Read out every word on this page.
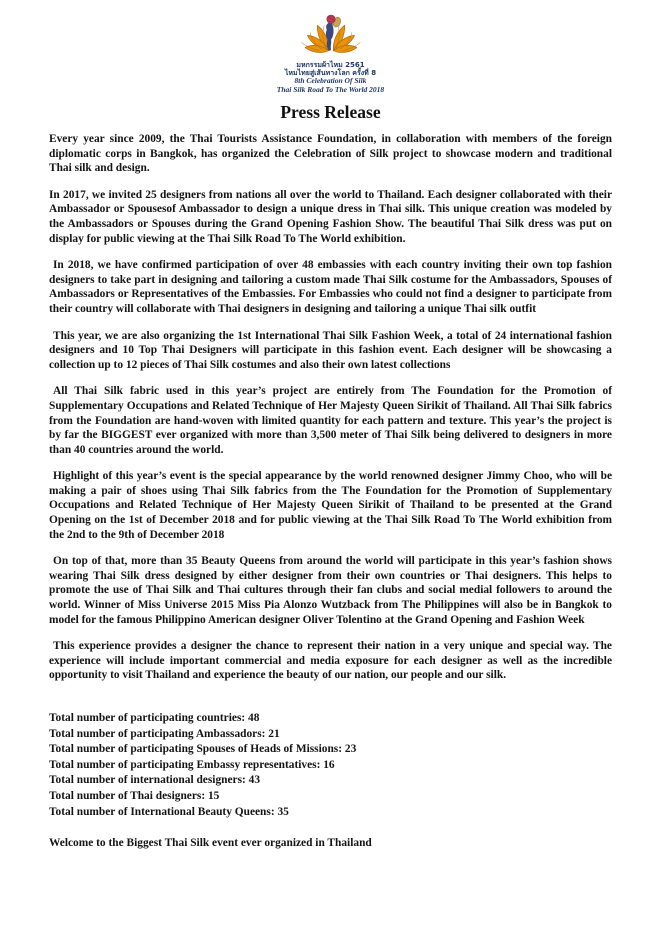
มหกรรมผ้าไหม 2561
ไหมไทยสู่เส้นทางโลก ครั้งที่ 8
8th Celebration Of Silk
Thai Silk Road To The World 2018
Press Release

Every year since 2009, the Thai Tourists Assistance Foundation, in collaboration with members of the foreign diplomatic corps in Bangkok, has organized the Celebration of Silk project to showcase modern and traditional Thai silk and design.

In 2017, we invited 25 designers from nations all over the world to Thailand. Each designer collaborated with their Ambassador or Spousesof Ambassador to design a unique dress in Thai silk. This unique creation was modeled by the Ambassadors or Spouses during the Grand Opening Fashion Show. The beautiful Thai Silk dress was put on display for public viewing at the Thai Silk Road To The World exhibition.

In 2018, we have confirmed participation of over 48 embassies with each country inviting their own top fashion designers to take part in designing and tailoring a custom made Thai Silk costume for the Ambassadors, Spouses of Ambassadors or Representatives of the Embassies. For Embassies who could not find a designer to participate from their country will collaborate with Thai designers in designing and tailoring a unique Thai silk outfit

This year, we are also organizing the 1st International Thai Silk Fashion Week, a total of 24 international fashion designers and 10 Top Thai Designers will participate in this fashion event. Each designer will be showcasing a collection up to 12 pieces of Thai Silk costumes and also their own latest collections

All Thai Silk fabric used in this year’s project are entirely from The Foundation for the Promotion of Supplementary Occupations and Related Technique of Her Majesty Queen Sirikit of Thailand. All Thai Silk fabrics from the Foundation are hand-woven with limited quantity for each pattern and texture. This year’s the project is by far the BIGGEST ever organized with more than 3,500 meter of Thai Silk being delivered to designers in more than 40 countries around the world.

Highlight of this year’s event is the special appearance by the world renowned designer Jimmy Choo, who will be making a pair of shoes using Thai Silk fabrics from the The Foundation for the Promotion of Supplementary Occupations and Related Technique of Her Majesty Queen Sirikit of Thailand to be presented at the Grand Opening on the 1st of December 2018 and for public viewing at the Thai Silk Road To The World exhibition from the 2nd to the 9th of December 2018

On top of that, more than 35 Beauty Queens from around the world will participate in this year’s fashion shows wearing Thai Silk dress designed by either designer from their own countries or Thai designers. This helps to promote the use of Thai Silk and Thai cultures through their fan clubs and social medial followers to around the world. Winner of Miss Universe 2015 Miss Pia Alonzo Wutzback from The Philippines will also be in Bangkok to model for the famous Philippino American designer Oliver Tolentino at the Grand Opening and Fashion Week

This experience provides a designer the chance to represent their nation in a very unique and special way. The experience will include important commercial and media exposure for each designer as well as the incredible opportunity to visit Thailand and experience the beauty of our nation, our people and our silk.

Total number of participating countries: 48

Total number of participating Ambassadors: 21

Total number of participating Spouses of Heads of Missions: 23

Total number of participating Embassy representatives: 16

Total number of international designers: 43

Total number of Thai designers: 15

Total number of International Beauty Queens: 35

Welcome to the Biggest Thai Silk event ever organized in Thailand
